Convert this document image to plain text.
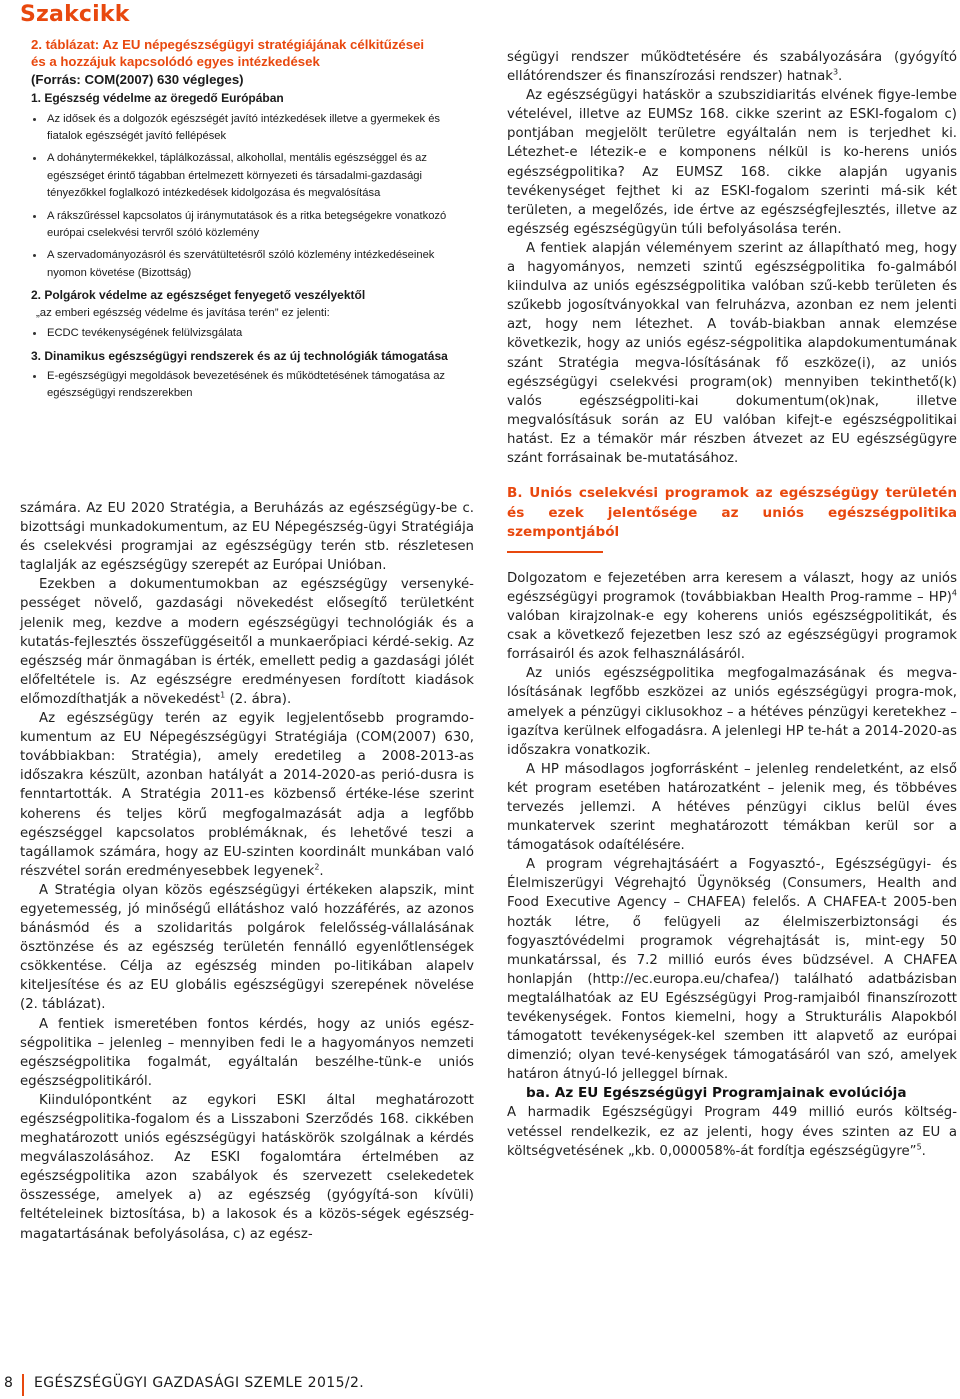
Szakcikk
2. táblázat: Az EU népegészségügyi stratégiájának célkitűzései
és a hozzájuk kapcsolódó egyes intézkedések
(Forrás: COM(2007) 630 végleges)
1. Egészség védelme az öregedő Európában
Az idősek és a dolgozók egészségét javító intézkedések illetve a gyermekek és fiatalok egészségét javító fellépések
A dohánytermékekkel, táplálkozással, alkohollal, mentális egészséggel és az egészséget érintő tágabban értelmezett környezeti és társadalmi-gazdasági tényezőkkel foglalkozó intézkedések kidolgozása és megvalósítása
A rákszűréssel kapcsolatos új iránymutatások és a ritka betegségekre vonatkozó európai cselekvési tervről szóló közlemény
A szervadományozásról és szervátültetésről szóló közlemény intézkedéseinek nyomon követése (Bizottság)
2. Polgárok védelme az egészséget fenyegető veszélyektől
„az emberi egészség védelme és javítása terén” ez jelenti:
ECDC tevékenységének felülvizsgálata
3. Dinamikus egészségügyi rendszerek és az új technológiák támogatása
E-egészségügyi megoldások bevezetésének és működtetésének támogatása az egészségügyi rendszerekben

számára. Az EU 2020 Stratégia, a Beruházás az egészségügy-be c. bizottsági munkadokumentum, az EU Népegészség-ügyi Stratégiája és cselekvési programjai az egészségügy terén stb. részletesen taglalják az egészségügy szerepét az Európai Unióban.

Ezekben a dokumentumokban az egészségügy versenyké-pességet növelő, gazdasági növekedést elősegítő területként jelenik meg, kezdve a modern egészségügyi technológiák és a kutatás-fejlesztés összefüggéseitől a munkaerőpiaci kérdé-sekig. Az egészség már önmagában is érték, emellett pedig a gazdasági jólét előfeltétele is. Az egészségre eredményesen fordított kiadások előmozdíthatják a növekedést$^1$ (2. ábra).

Az egészségügy terén az egyik legjelentősebb programdo-kumentum az EU Népegészségügyi Stratégiája (COM(2007) 630, továbbiakban: Stratégia), amely eredetileg a 2008-2013-as időszakra készült, azonban hatályát a 2014-2020-as perió-dusra is fenntartották. A Stratégia 2011-es közbenső értéke-lése szerint koherens és teljes körű megfogalmazását adja a legfőbb egészséggel kapcsolatos problémáknak, és lehetővé teszi a tagállamok számára, hogy az EU-szinten koordinált munkában való részvétel során eredményesebbek legyenek$^2$.

A Stratégia olyan közös egészségügyi értékeken alapszik, mint egyetemesség, jó minőségű ellátáshoz való hozzáférés, az azonos bánásmód és a szolidaritás polgárok felelősség-vállalásának ösztönzése és az egészség területén fennálló egyenlőtlenségek csökkentése. Célja az egészség minden po-litikában alapelv kiteljesítése és az EU globális egészségügyi szerepének növelése (2. táblázat).

A fentiek ismeretében fontos kérdés, hogy az uniós egész-ségpolitika – jelenleg – mennyiben fedi le a hagyományos nemzeti egészségpolitika fogalmát, egyáltalán beszélhe-tünk-e uniós egészségpolitikáról.

Kiindulópontként az egykori ESKI által meghatározott egészségpolitika-fogalom és a Lisszaboni Szerződés 168. cikkében meghatározott uniós egészségügyi hatáskörök szolgálnak a kérdés megválaszolásához. Az ESKI fogalomtára értelmében az egészségpolitika azon szabályok és szervezett cselekedetek összessége, amelyek a) az egészség (gyógyítá-son kívüli) feltételeinek biztosítása, b) a lakosok és a közös-ségek egészség-magatartásának befolyásolása, c) az egész-

ségügyi rendszer működtetésére és szabályozására (gyógyító ellátórendszer és finanszírozási rendszer) hatnak$^3$.

Az egészségügyi hatáskör a szubszidiaritás elvének figye-lembe vételével, illetve az EUMSz 168. cikke szerint az ESKI-fogalom c) pontjában megjelölt területre egyáltalán nem is terjedhet ki. Létezhet-e létezik-e e komponens nélkül is ko-herens uniós egészségpolitika? Az EUMSZ 168. cikke alapján ugyanis tevékenységet fejthet ki az ESKI-fogalom szerinti má-sik két területen, a megelőzés, ide értve az egészségfejlesztés, illetve az egészség egészségügyün túli befolyásolása terén.

A fentiek alapján véleményem szerint az állapítható meg, hogy a hagyományos, nemzeti szintű egészségpolitika fo-galmából kiindulva az uniós egészségpolitika valóban szű-kebb területen és szűkebb jogosítványokkal van felruházva, azonban ez nem jelenti azt, hogy nem létezhet. A továb-biakban annak elemzése következik, hogy az uniós egész-ségpolitika alapdokumentumának szánt Stratégia megva-lósításának fő eszköze(i), az uniós egészségügyi cselekvési program(ok) mennyiben tekinthető(k) valós egészségpoliti-kai dokumentum(ok)nak, illetve megvalósításuk során az EU valóban kifejt-e egészségpolitikai hatást. Ez a témakör már részben átvezet az EU egészségügyre szánt forrásainak be-mutatásához.

B. Uniós cselekvési programok az egészségügy területén és ezek jelentősége az uniós egészségpolitika szempontjából

Dolgozatom e fejezetében arra keresem a választ, hogy az uniós egészségügyi programok (továbbiakban Health Prog-ramme – HP)$^4$ valóban kirajzolnak-e egy koherens uniós egészségpolitikát, és csak a következő fejezetben lesz szó az egészségügyi programok forrásairól és azok felhasználásáról.

Az uniós egészségpolitika megfogalmazásának és megva-lósításának legfőbb eszközei az uniós egészségügyi progra-mok, amelyek a pénzügyi ciklusokhoz – a hétéves pénzügyi keretekhez – igazítva kerülnek elfogadásra. A jelenlegi HP te-hát a 2014-2020-as időszakra vonatkozik.

A HP másodlagos jogforrásként – jelenleg rendeletként, az első két program esetében határozatként – jelenik meg, és többéves tervezés jellemzi. A hétéves pénzügyi ciklus belül éves munkatervek szerint meghatározott témákban kerül sor a támogatások odaítélésére.

A program végrehajtásáért a Fogyasztó-, Egészségügyi- és Élelmiszerügyi Végrehajtó Ügynökség (Consumers, Health and Food Executive Agency – CHAFEA) felelős. A CHAFEA-t 2005-ben hozták létre, ő felügyeli az élelmiszerbiztonsági és fogyasztóvédelmi programok végrehajtását is, mint-egy 50 munkatárssal, és 7.2 millió eurós éves büdzsével. A CHAFEA honlapján (http://ec.europa.eu/chafea/) található adatbázisban megtalálhatóak az EU Egészségügyi Prog-ramjaiból finanszírozott tevékenységek. Fontos kiemelni, hogy a Strukturális Alapokból támogatott tevékenységek-kel szemben itt alapvető az európai dimenzió; olyan tevé-kenységek támogatásáról van szó, amelyek határon átnyú-ló jelleggel bírnak.

ba. Az EU Egészségügyi Programjainak evolúciója

A harmadik Egészségügyi Program 449 millió eurós költség-vetéssel rendelkezik, ez az jelenti, hogy éves szinten az EU a költségvetésének „kb. 0,000058%-át fordítja egészségügyre”$^5$.

8 EGÉSZSÉGÜGYI GAZDASÁGI SZEMLE 2015/2.
